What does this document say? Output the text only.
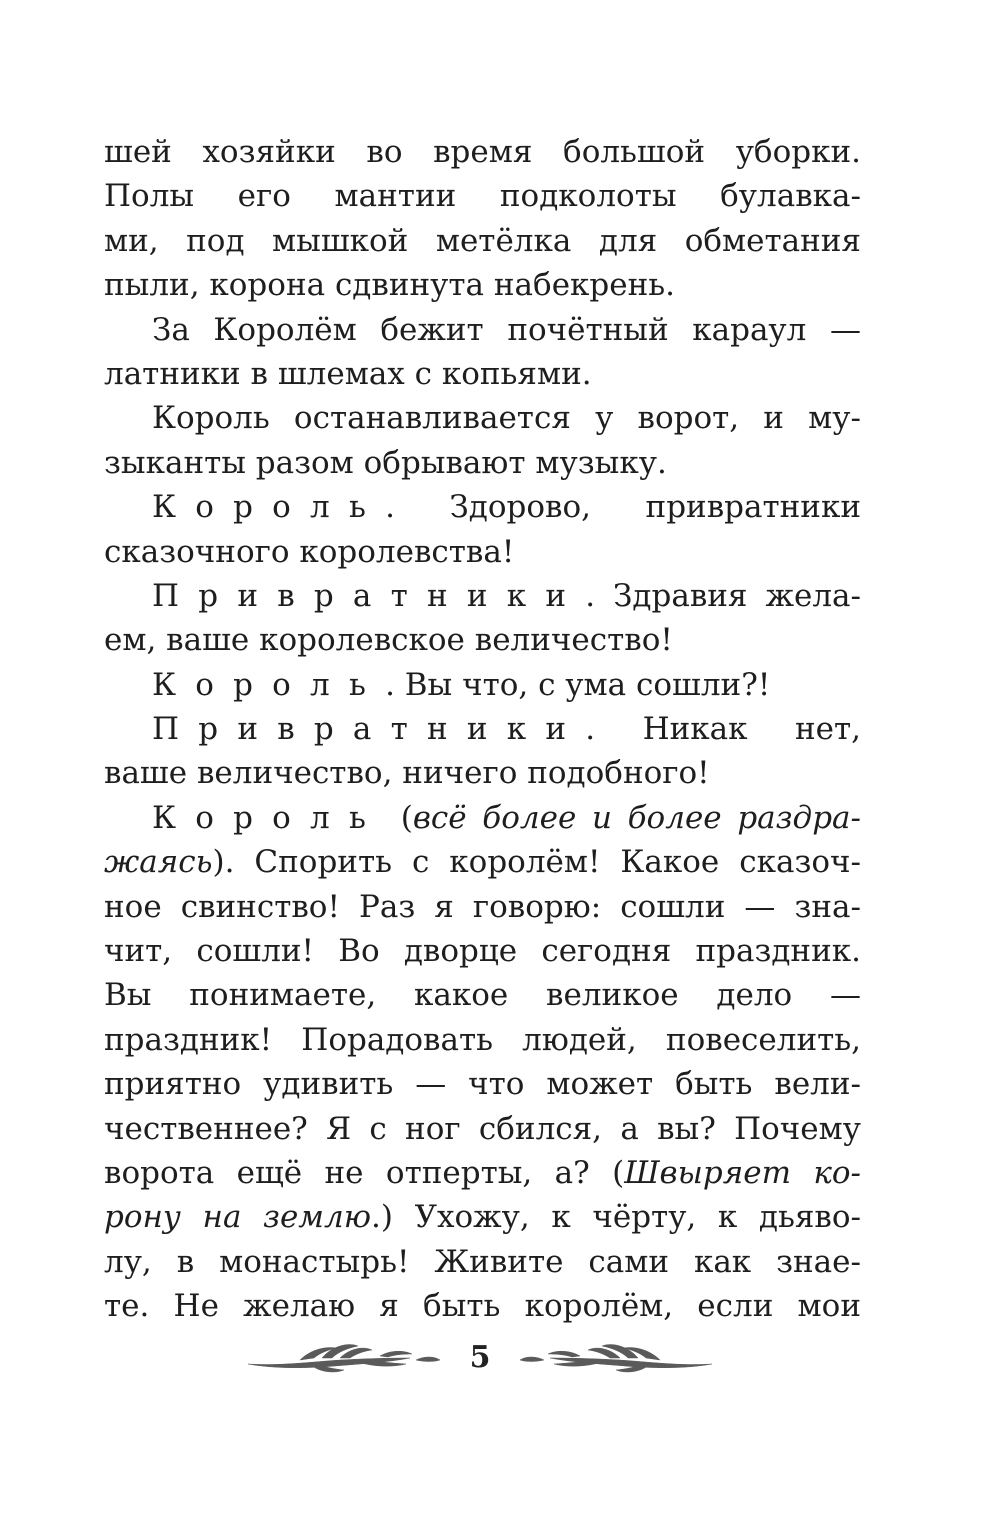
шей хозяйки во время большой уборки.
Полы его мантии подколоты булавка-
ми, под мышкой метёлка для обметания
пыли, корона сдвинута набекрень.
За Королём бежит почётный караул —
латники в шлемах с копьями.
Король останавливается у ворот, и му-
зыканты разом обрывают музыку.
Король. Здорово, привратники
сказочного королевства!
Привратники. Здравия жела-
ем, ваше королевское величество!
Король. Вы что, с ума сошли?!
Привратники. Никак нет,
ваше величество, ничего подобного!
Король (всё более и более раздра-
жаясь). Спорить с королём! Какое сказоч-
ное свинство! Раз я говорю: сошли — зна-
чит, сошли! Во дворце сегодня праздник.
Вы понимаете, какое великое дело —
праздник! Порадовать людей, повеселить,
приятно удивить — что может быть вели-
чественнее? Я с ног сбился, а вы? Почему
ворота ещё не отперты, а? (Швыряет ко-
рону на землю.) Ухожу, к чёрту, к дьяво-
лу, в монастырь! Живите сами как знае-
те. Не желаю я быть королём, если мои
5
